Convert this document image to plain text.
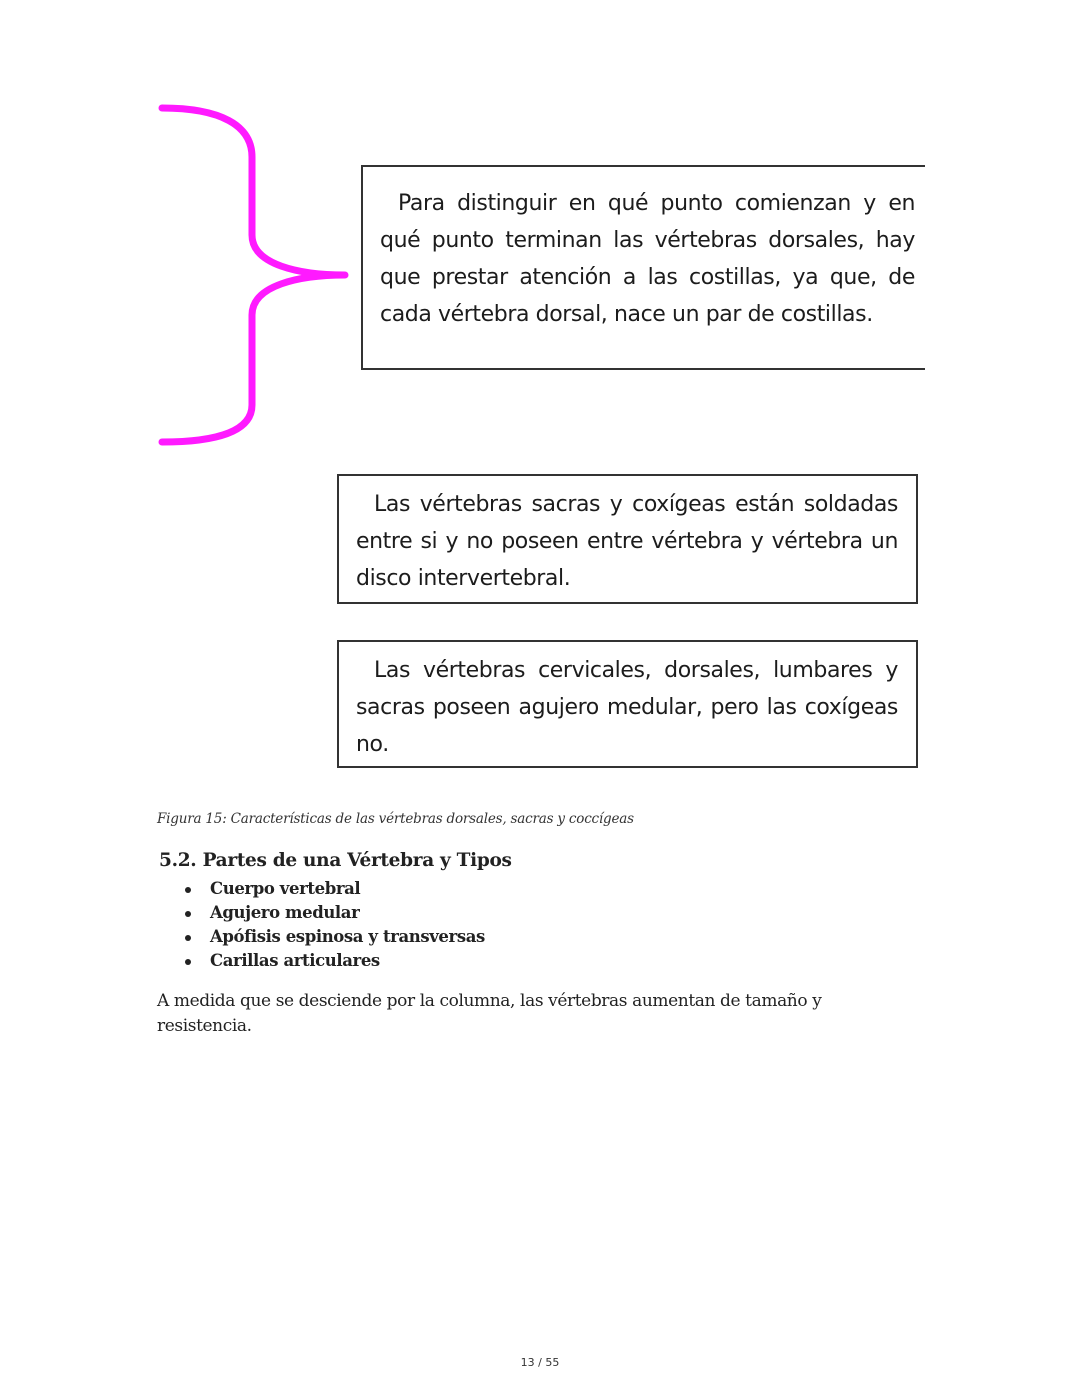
Para distinguir en qué punto comienzan y en qué punto terminan las vértebras dorsales, hay que prestar atención a las costillas, ya que, de cada vértebra dorsal, nace un par de costillas.

Las vértebras sacras y coxígeas están soldadas entre si y no poseen entre vértebra y vértebra un disco intervertebral.

Las vértebras cervicales, dorsales, lumbares y sacras poseen agujero medular, pero las coxígeas no.

Figura 15: Características de las vértebras dorsales, sacras y coccígeas
5.2. Partes de una Vértebra y Tipos
Cuerpo vertebral
Agujero medular
Apófisis espinosa y transversas
Carillas articulares
A medida que se desciende por la columna, las vértebras aumentan de tamaño y resistencia.
13 / 55
